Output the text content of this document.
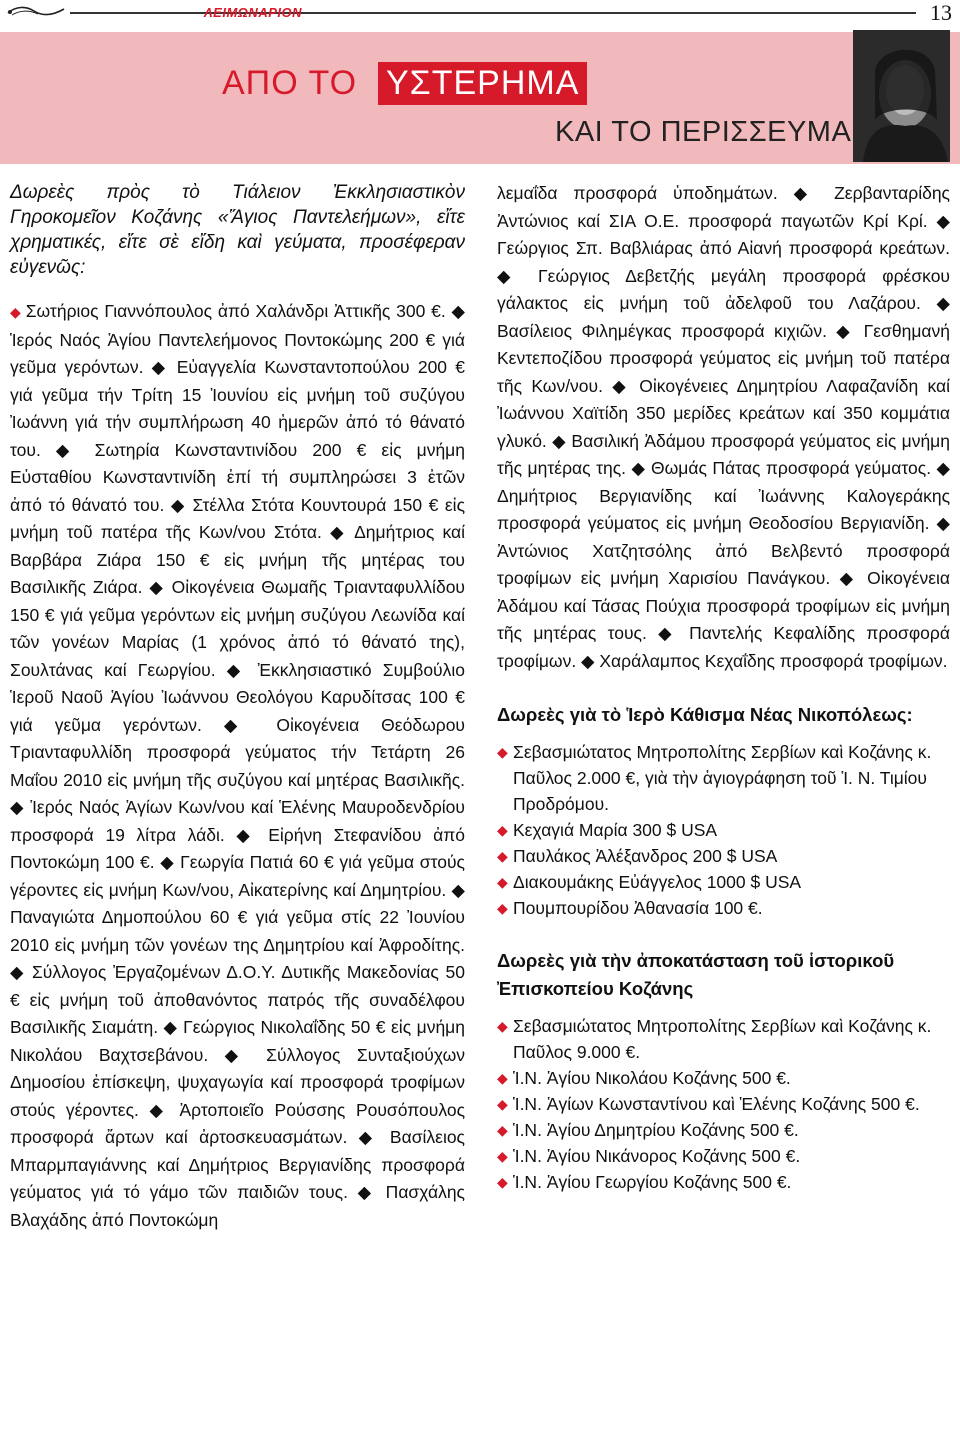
ΛΕΙΜΩΝΑΡΙΟΝ	13
ΑΠΟ ΤΟ ΥΣΤΕΡΗΜΑ
ΚΑΙ ΤΟ ΠΕΡΙΣΣΕΥΜΑ

Δωρεὲς πρὸς τὸ Τιάλειον Ἐκκλησιαστικὸν Γηροκομεῖον Κοζάνης «Ἅγιος Παντελεήμων», εἴτε χρηματικές, εἴτε σὲ εἴδη καὶ γεύματα, προσέφεραν εὐγενῶς:

◆ Σωτήριος Γιαννόπουλος ἀπό Χαλάνδρι Ἀττικῆς 300 €. ◆ Ἱερός Ναός Ἁγίου Παντελεήμονος Ποντοκώμης 200 € γιά γεῦμα γερόντων. ◆ Εὐαγγελία Κωνσταντοπούλου 200 € γιά γεῦμα τήν Τρίτη 15 Ἰουνίου εἰς μνήμη τοῦ συζύγου Ἰωάννη γιά τήν συμπλήρωση 40 ἡμερῶν ἀπό τό θάνατό του. ◆ Σωτηρία Κωνσταντινίδου 200 € εἰς μνήμη Εὐσταθίου Κωνσταντινίδη ἐπί τή συμπληρώσει 3 ἐτῶν ἀπό τό θάνατό του. ◆ Στέλλα Στότα Κουντουρά 150 € εἰς μνήμη τοῦ πατέρα τῆς Κων/νου Στότα. ◆ Δημήτριος καί Βαρβάρα Ζιάρα 150 € εἰς μνήμη τῆς μητέρας του Βασιλικῆς Ζιάρα. ◆ Οἰκογένεια Θωμαῆς Τριανταφυλλίδου 150 € γιά γεῦμα γερόντων εἰς μνήμη συζύγου Λεωνίδα καί τῶν γονέων Μαρίας (1 χρόνος ἀπό τό θάνατό της), Σουλτάνας καί Γεωργίου. ◆ Ἐκκλησιαστικό Συμβούλιο Ἱεροῦ Ναοῦ Ἁγίου Ἰωάννου Θεολόγου Καρυδίτσας 100 € γιά γεῦμα γερόντων. ◆ Οἰκογένεια Θεόδωρου Τριανταφυλλίδη προσφορά γεύματος τήν Τετάρτη 26 Μαΐου 2010 εἰς μνήμη τῆς συζύγου καί μητέρας Βασιλικῆς. ◆ Ἱερός Ναός Ἁγίων Κων/νου καί Ἑλένης Μαυροδενδρίου προσφορά 19 λίτρα λάδι. ◆ Εἰρήνη Στεφανίδου ἀπό Ποντοκώμη 100 €. ◆ Γεωργία Πατιά 60 € γιά γεῦμα στούς γέροντες εἰς μνήμη Κων/νου, Αἰκατερίνης καί Δημητρίου. ◆ Παναγιώτα Δημοπούλου 60 € γιά γεῦμα στίς 22 Ἰουνίου 2010 εἰς μνήμη τῶν γονέων της Δημητρίου καί Ἀφροδίτης. ◆ Σύλλογος Ἐργαζομένων Δ.Ο.Υ. Δυτικῆς Μακεδονίας 50 € εἰς μνήμη τοῦ ἀποθανόντος πατρός τῆς συναδέλφου Βασιλικῆς Σιαμάτη. ◆ Γεώργιος Νικολαΐδης 50 € εἰς μνήμη Νικολάου Βαχτσεβάνου. ◆ Σύλλογος Συνταξιούχων Δημοσίου ἐπίσκεψη, ψυχαγωγία καί προσφορά τροφίμων στούς γέροντες. ◆ Ἀρτοποιεῖο Ρούσσης Ρουσόπουλος προσφορά ἄρτων καί ἀρτοσκευασμάτων. ◆ Βασίλειος Μπαρμπαγιάννης καί Δημήτριος Βεργιανίδης προσφορά γεύματος γιά τό γάμο τῶν παιδιῶν τους. ◆ Πασχάλης Βλαχάδης ἀπό Ποντοκώμη

λεμαΐδα προσφορά ὑποδημάτων. ◆ Ζερβανταρίδης Ἀντώνιος καί ΣΙΑ Ο.Ε. προσφορά παγωτῶν Κρί Κρί. ◆ Γεώργιος Σπ. Βαβλιάρας ἀπό Αἰανή προσφορά κρεάτων. ◆ Γεώργιος Δεβετζής μεγάλη προσφορά φρέσκου γάλακτος εἰς μνήμη τοῦ ἀδελφοῦ του Λαζάρου. ◆ Βασίλειος Φιλημέγκας προσφορά κιχιῶν. ◆ Γεσθημανή Κεντεποζίδου προσφορά γεύματος εἰς μνήμη τοῦ πατέρα τῆς Κων/νου. ◆ Οἰκογένειες Δημητρίου Λαφαζανίδη καί Ἰωάννου Χαϊτίδη 350 μερίδες κρεάτων καί 350 κομμάτια γλυκό. ◆ Βασιλική Ἀδάμου προσφορά γεύματος εἰς μνήμη τῆς μητέρας της. ◆ Θωμάς Πάτας προσφορά γεύματος. ◆ Δημήτριος Βεργιανίδης καί Ἰωάννης Καλογεράκης προσφορά γεύματος εἰς μνήμη Θεοδοσίου Βεργιανίδη. ◆ Ἀντώνιος Χατζητσόλης ἀπό Βελβεντό προσφορά τροφίμων εἰς μνήμη Χαρισίου Πανάγκου. ◆ Οἰκογένεια Ἀδάμου καί Τάσας Πούχια προσφορά τροφίμων εἰς μνήμη τῆς μητέρας τους. ◆ Παντελής Κεφαλίδης προσφορά τροφίμων. ◆ Χαράλαμπος Κεχαΐδης προσφορά τροφίμων.

Δωρεὲς γιὰ τὸ Ἱερὸ Κάθισμα Νέας Νικοπόλεως:
◆ Σεβασμιώτατος Μητροπολίτης Σερβίων καὶ Κοζάνης κ. Παῦλος 2.000 €, γιὰ τὴν ἁγιογράφηση τοῦ Ἱ. Ν. Τιμίου Προδρόμου.
◆ Κεχαγιά Μαρία 300 $ USA
◆ Παυλάκος Ἀλέξανδρος 200 $ USA
◆ Διακουμάκης Εὐάγγελος 1000 $ USA
◆ Πουμπουρίδου Ἀθανασία 100 €.
Δωρεὲς γιὰ τὴν ἀποκατάσταση τοῦ ἱστορικοῦ Ἐπισκοπείου Κοζάνης
◆ Σεβασμιώτατος Μητροπολίτης Σερβίων καὶ Κοζάνης κ. Παῦλος 9.000 €.
◆ Ἱ.Ν. Ἁγίου Νικολάου Κοζάνης 500 €.
◆ Ἱ.Ν. Ἁγίων Κωνσταντίνου καὶ Ἑλένης Κοζάνης 500 €.
◆ Ἱ.Ν. Ἁγίου Δημητρίου Κοζάνης 500 €.
◆ Ἱ.Ν. Ἁγίου Νικάνορος Κοζάνης 500 €.
◆ Ἱ.Ν. Ἁγίου Γεωργίου Κοζάνης 500 €.
